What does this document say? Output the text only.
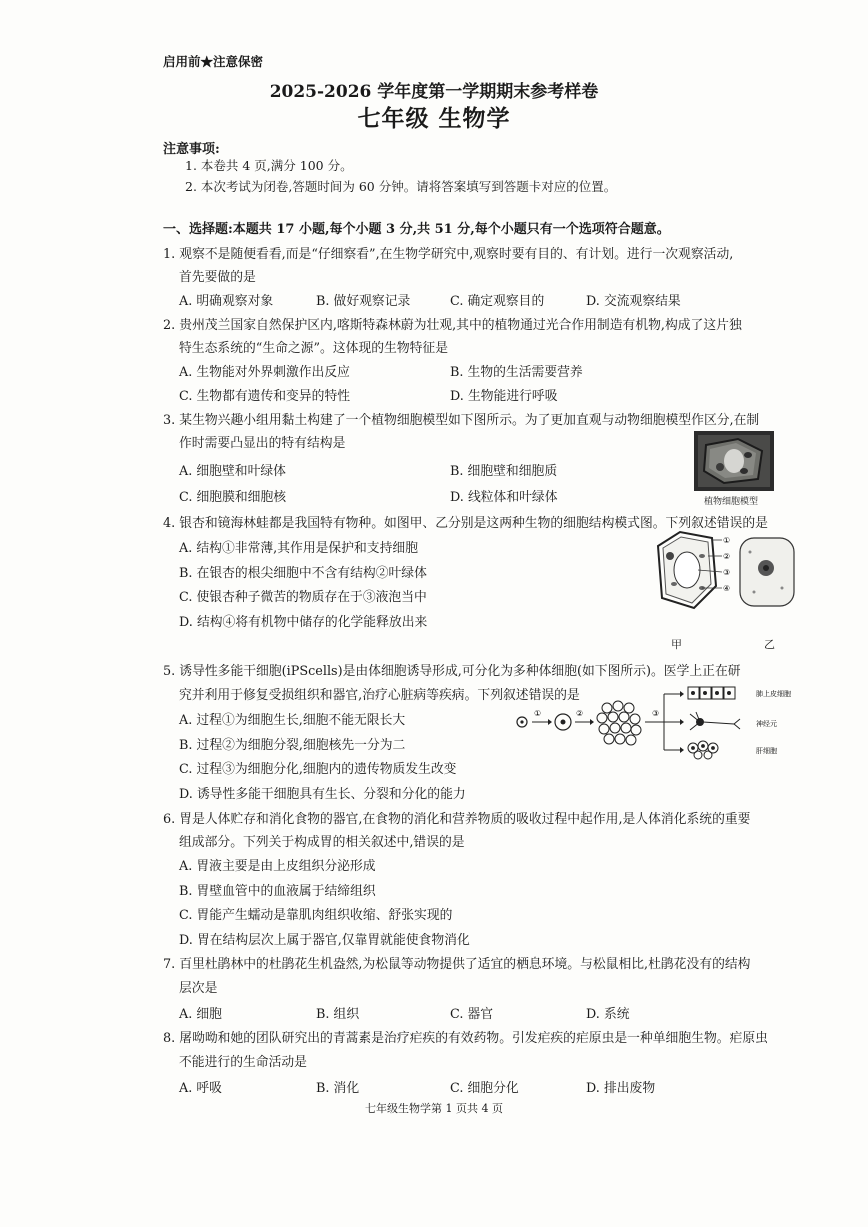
启用前★注意保密
2025-2026 学年度第一学期期末参考样卷
七年级 生物学
注意事项:
1. 本卷共 4 页,满分 100 分。
2. 本次考试为闭卷,答题时间为 60 分钟。请将答案填写到答题卡对应的位置。
一、选择题:本题共 17 小题,每个小题 3 分,共 51 分,每个小题只有一个选项符合题意。
1. 观察不是随便看看,而是“仔细察看”,在生物学研究中,观察时要有目的、有计划。进行一次观察活动,
首先要做的是
A. 明确观察对象	B. 做好观察记录	C. 确定观察目的	D. 交流观察结果
2. 贵州茂兰国家自然保护区内,喀斯特森林蔚为壮观,其中的植物通过光合作用制造有机物,构成了这片独
特生态系统的“生命之源”。这体现的生物特征是
A. 生物能对外界刺激作出反应	B. 生物的生活需要营养
C. 生物都有遗传和变异的特性	D. 生物能进行呼吸
3. 某生物兴趣小组用黏土构建了一个植物细胞模型如下图所示。为了更加直观与动物细胞模型作区分,在制
作时需要凸显出的特有结构是
A. 细胞壁和叶绿体	B. 细胞壁和细胞质
C. 细胞膜和细胞核	D. 线粒体和叶绿体	植物细胞模型
4. 银杏和镜海林蛙都是我国特有物种。如图甲、乙分别是这两种生物的细胞结构模式图。下列叙述错误的是
A. 结构①非常薄,其作用是保护和支持细胞
B. 在银杏的根尖细胞中不含有结构②叶绿体
C. 使银杏种子微苦的物质存在于③液泡当中
D. 结构④将有机物中储存的化学能释放出来
①
②
③
④
甲	乙
5. 诱导性多能干细胞(iPScells)是由体细胞诱导形成,可分化为多种体细胞(如下图所示)。医学上正在研
究并利用于修复受损组织和器官,治疗心脏病等疾病。下列叙述错误的是
A. 过程①为细胞生长,细胞不能无限长大
B. 过程②为细胞分裂,细胞核先一分为二
C. 过程③为细胞分化,细胞内的遗传物质发生改变
D. 诱导性多能干细胞具有生长、分裂和分化的能力
①	②	③
肺上皮细胞
神经元
肝细胞
6. 胃是人体贮存和消化食物的器官,在食物的消化和营养物质的吸收过程中起作用,是人体消化系统的重要
组成部分。下列关于构成胃的相关叙述中,错误的是
A. 胃液主要是由上皮组织分泌形成
B. 胃壁血管中的血液属于结缔组织
C. 胃能产生蠕动是靠肌肉组织收缩、舒张实现的
D. 胃在结构层次上属于器官,仅靠胃就能使食物消化
7. 百里杜鹃林中的杜鹃花生机盎然,为松鼠等动物提供了适宜的栖息环境。与松鼠相比,杜鹃花没有的结构
层次是
A. 细胞	B. 组织	C. 器官	D. 系统
8. 屠呦呦和她的团队研究出的青蒿素是治疗疟疾的有效药物。引发疟疾的疟原虫是一种单细胞生物。疟原虫
不能进行的生命活动是
A. 呼吸	B. 消化	C. 细胞分化	D. 排出废物
七年级生物学第 1 页共 4 页
